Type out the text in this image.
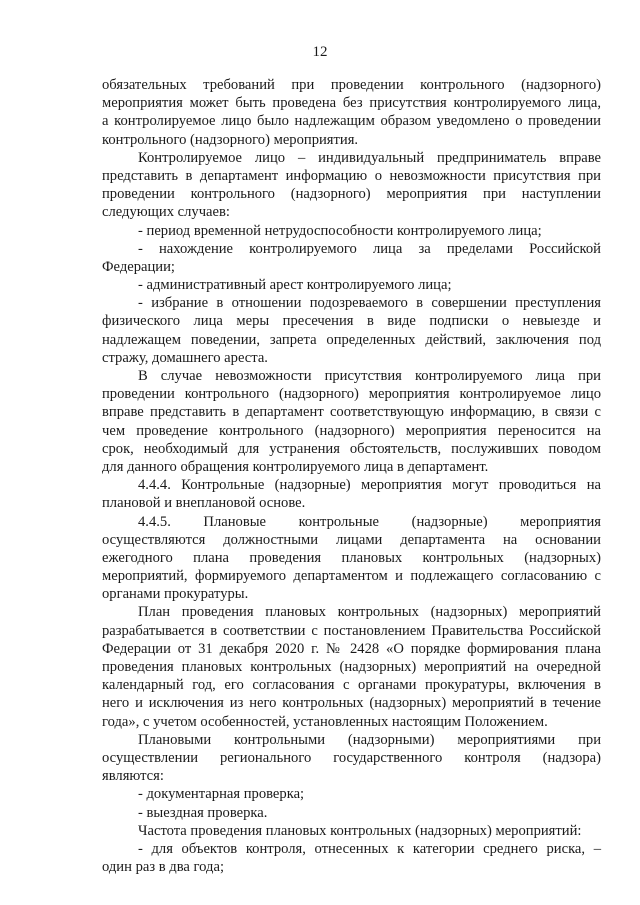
12
обязательных требований при проведении контрольного (надзорного)
мероприятия может быть проведена без присутствия контролируемого лица,
а контролируемое лицо было надлежащим образом уведомлено о проведении
контрольного (надзорного) мероприятия.
Контролируемое лицо – индивидуальный предприниматель вправе
представить в департамент информацию о невозможности присутствия при
проведении контрольного (надзорного) мероприятия при наступлении
следующих случаев:
- период временной нетрудоспособности контролируемого лица;
- нахождение контролируемого лица за пределами Российской
Федерации;
- административный арест контролируемого лица;
- избрание в отношении подозреваемого в совершении преступления
физического лица меры пресечения в виде подписки о невыезде и
надлежащем поведении, запрета определенных действий, заключения под
стражу, домашнего ареста.
В случае невозможности присутствия контролируемого лица при
проведении контрольного (надзорного) мероприятия контролируемое лицо
вправе представить в департамент соответствующую информацию, в связи с
чем проведение контрольного (надзорного) мероприятия переносится на
срок, необходимый для устранения обстоятельств, послуживших поводом
для данного обращения контролируемого лица в департамент.
4.4.4. Контрольные (надзорные) мероприятия могут проводиться на
плановой и внеплановой основе.
4.4.5. Плановые контрольные (надзорные) мероприятия
осуществляются должностными лицами департамента на основании
ежегодного плана проведения плановых контрольных (надзорных)
мероприятий, формируемого департаментом и подлежащего согласованию с
органами прокуратуры.
План проведения плановых контрольных (надзорных) мероприятий
разрабатывается в соответствии с постановлением Правительства Российской
Федерации от 31 декабря 2020 г. № 2428 «О порядке формирования плана
проведения плановых контрольных (надзорных) мероприятий на очередной
календарный год, его согласования с органами прокуратуры, включения в
него и исключения из него контрольных (надзорных) мероприятий в течение
года», с учетом особенностей, установленных настоящим Положением.
Плановыми контрольными (надзорными) мероприятиями при
осуществлении регионального государственного контроля (надзора)
являются:
- документарная проверка;
- выездная проверка.
Частота проведения плановых контрольных (надзорных) мероприятий:
- для объектов контроля, отнесенных к категории среднего риска, –
один раз в два года;
